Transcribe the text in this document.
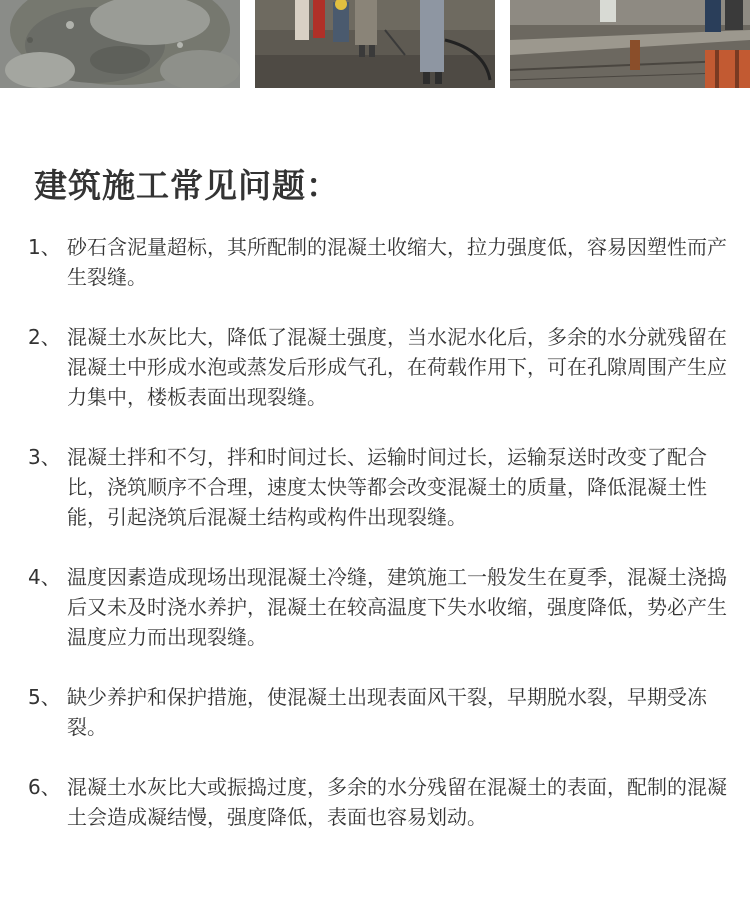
建筑施工常见问题：
1、 砂石含泥量超标，其所配制的混凝土收缩大，拉力强度低，容易因塑性而产生裂缝。
2、 混凝土水灰比大，降低了混凝土强度，当水泥水化后，多余的水分就残留在混凝土中形成水泡或蒸发后形成气孔，在荷载作用下，可在孔隙周围产生应力集中，楼板表面出现裂缝。
3、 混凝土拌和不匀，拌和时间过长、运输时间过长，运输泵送时改变了配合比，浇筑顺序不合理，速度太快等都会改变混凝土的质量，降低混凝土性能，引起浇筑后混凝土结构或构件出现裂缝。
4、 温度因素造成现场出现混凝土冷缝，建筑施工一般发生在夏季，混凝土浇捣后又未及时浇水养护，混凝土在较高温度下失水收缩，强度降低，势必产生温度应力而出现裂缝。
5、 缺少养护和保护措施，使混凝土出现表面风干裂，早期脱水裂，早期受冻裂。
6、 混凝土水灰比大或振捣过度，多余的水分残留在混凝土的表面，配制的混凝土会造成凝结慢，强度降低，表面也容易划动。
